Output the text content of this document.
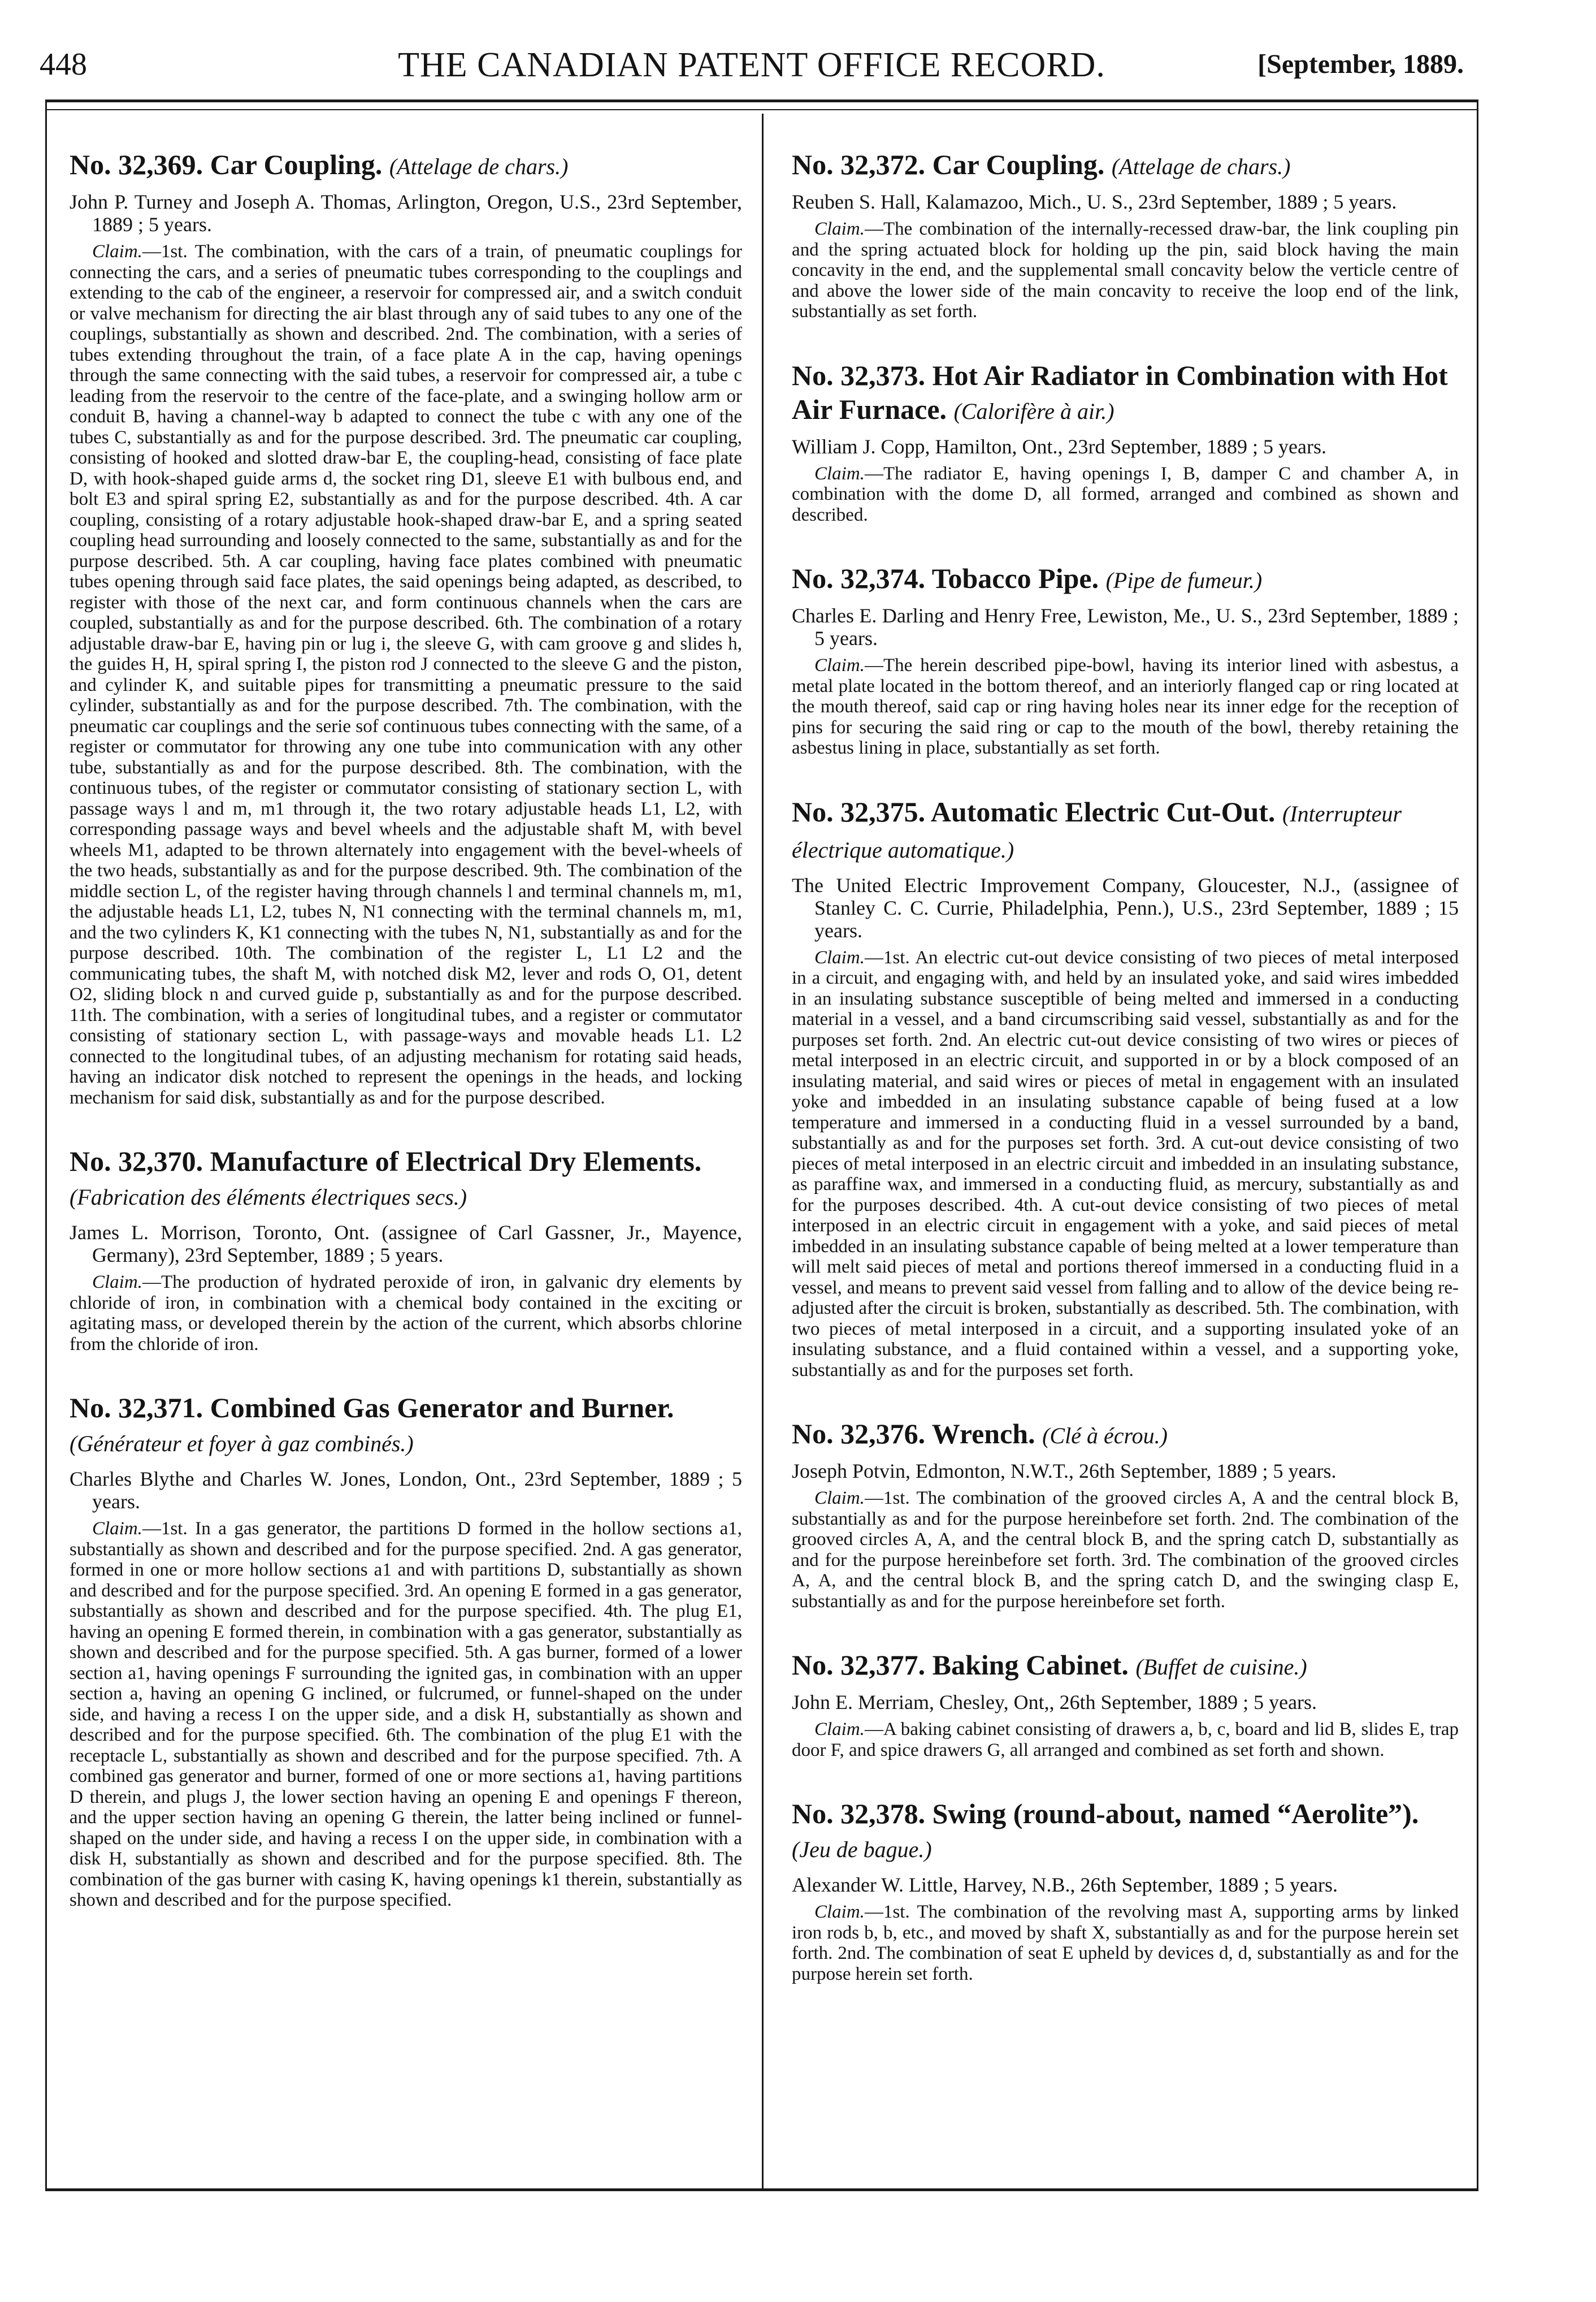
448	THE CANADIAN PATENT OFFICE RECORD.	[September, 1889.

No. 32,369. Car Coupling. (Attelage de chars.)

John P. Turney and Joseph A. Thomas, Arlington, Oregon, U.S., 23rd September, 1889 ; 5 years.

Claim.—1st. The combination, with the cars of a train, of pneumatic couplings for connecting the cars, and a series of pneumatic tubes corresponding to the couplings and extending to the cab of the engineer, a reservoir for compressed air, and a switch conduit or valve mechanism for directing the air blast through any of said tubes to any one of the couplings, substantially as shown and described. 2nd. The combination, with a series of tubes extending throughout the train, of a face plate A in the cap, having openings through the same connecting with the said tubes, a reservoir for compressed air, a tube c leading from the reservoir to the centre of the face-plate, and a swinging hollow arm or conduit B, having a channel-way b adapted to connect the tube c with any one of the tubes C, substantially as and for the purpose described. 3rd. The pneumatic car coupling, consisting of hooked and slotted draw-bar E, the coupling-head, consisting of face plate D, with hook-shaped guide arms d, the socket ring D1, sleeve E1 with bulbous end, and bolt E3 and spiral spring E2, substantially as and for the purpose described. 4th. A car coupling, consisting of a rotary adjustable hook-shaped draw-bar E, and a spring seated coupling head surrounding and loosely connected to the same, substantially as and for the purpose described. 5th. A car coupling, having face plates combined with pneumatic tubes opening through said face plates, the said openings being adapted, as described, to register with those of the next car, and form continuous channels when the cars are coupled, substantially as and for the purpose described. 6th. The combination of a rotary adjustable draw-bar E, having pin or lug i, the sleeve G, with cam groove g and slides h, the guides H, H, spiral spring I, the piston rod J connected to the sleeve G and the piston, and cylinder K, and suitable pipes for transmitting a pneumatic pressure to the said cylinder, substantially as and for the purpose described. 7th. The combination, with the pneumatic car couplings and the serie sof continuous tubes connecting with the same, of a register or commutator for throwing any one tube into communication with any other tube, substantially as and for the purpose described. 8th. The combination, with the continuous tubes, of the register or commutator consisting of stationary section L, with passage ways l and m, m1 through it, the two rotary adjustable heads L1, L2, with corresponding passage ways and bevel wheels and the adjustable shaft M, with bevel wheels M1, adapted to be thrown alternately into engagement with the bevel-wheels of the two heads, substantially as and for the purpose described. 9th. The combination of the middle section L, of the register having through channels l and terminal channels m, m1, the adjustable heads L1, L2, tubes N, N1 connecting with the terminal channels m, m1, and the two cylinders K, K1 connecting with the tubes N, N1, substantially as and for the purpose described. 10th. The combination of the register L, L1 L2 and the communicating tubes, the shaft M, with notched disk M2, lever and rods O, O1, detent O2, sliding block n and curved guide p, substantially as and for the purpose described. 11th. The combination, with a series of longitudinal tubes, and a register or commutator consisting of stationary section L, with passage-ways and movable heads L1. L2 connected to the longitudinal tubes, of an adjusting mechanism for rotating said heads, having an indicator disk notched to represent the openings in the heads, and locking mechanism for said disk, substantially as and for the purpose described.

No. 32,370. Manufacture of Electrical Dry Elements. (Fabrication des éléments électriques secs.)

James L. Morrison, Toronto, Ont. (assignee of Carl Gassner, Jr., Mayence, Germany), 23rd September, 1889 ; 5 years.

Claim.—The production of hydrated peroxide of iron, in galvanic dry elements by chloride of iron, in combination with a chemical body contained in the exciting or agitating mass, or developed therein by the action of the current, which absorbs chlorine from the chloride of iron.

No. 32,371. Combined Gas Generator and Burner. (Générateur et foyer à gaz combinés.)

Charles Blythe and Charles W. Jones, London, Ont., 23rd September, 1889 ; 5 years.

Claim.—1st. In a gas generator, the partitions D formed in the hollow sections a1, substantially as shown and described and for the purpose specified. 2nd. A gas generator, formed in one or more hollow sections a1 and with partitions D, substantially as shown and described and for the purpose specified. 3rd. An opening E formed in a gas generator, substantially as shown and described and for the purpose specified. 4th. The plug E1, having an opening E formed therein, in combination with a gas generator, substantially as shown and described and for the purpose specified. 5th. A gas burner, formed of a lower section a1, having openings F surrounding the ignited gas, in combination with an upper section a, having an opening G inclined, or fulcrumed, or funnel-shaped on the under side, and having a recess I on the upper side, and a disk H, substantially as shown and described and for the purpose specified. 6th. The combination of the plug E1 with the receptacle L, substantially as shown and described and for the purpose specified. 7th. A combined gas generator and burner, formed of one or more sections a1, having partitions D therein, and plugs J, the lower section having an opening E and openings F thereon, and the upper section having an opening G therein, the latter being inclined or funnel-shaped on the under side, and having a recess I on the upper side, in combination with a disk H, substantially as shown and described and for the purpose specified. 8th. The combination of the gas burner with casing K, having openings k1 therein, substantially as shown and described and for the purpose specified.

No. 32,372. Car Coupling. (Attelage de chars.)

Reuben S. Hall, Kalamazoo, Mich., U. S., 23rd September, 1889 ; 5 years.

Claim.—The combination of the internally-recessed draw-bar, the link coupling pin and the spring actuated block for holding up the pin, said block having the main concavity in the end, and the supplemental small concavity below the verticle centre of and above the lower side of the main concavity to receive the loop end of the link, substantially as set forth.

No. 32,373. Hot Air Radiator in Combination with Hot Air Furnace. (Calorifère à air.)

William J. Copp, Hamilton, Ont., 23rd September, 1889 ; 5 years.

Claim.—The radiator E, having openings I, B, damper C and chamber A, in combination with the dome D, all formed, arranged and combined as shown and described.

No. 32,374. Tobacco Pipe. (Pipe de fumeur.)

Charles E. Darling and Henry Free, Lewiston, Me., U. S., 23rd September, 1889 ; 5 years.

Claim.—The herein described pipe-bowl, having its interior lined with asbestus, a metal plate located in the bottom thereof, and an interiorly flanged cap or ring located at the mouth thereof, said cap or ring having holes near its inner edge for the reception of pins for securing the said ring or cap to the mouth of the bowl, thereby retaining the asbestus lining in place, substantially as set forth.

No. 32,375. Automatic Electric Cut-Out. (Interrupteur électrique automatique.)

The United Electric Improvement Company, Gloucester, N.J., (assignee of Stanley C. C. Currie, Philadelphia, Penn.), U.S., 23rd September, 1889 ; 15 years.

Claim.—1st. An electric cut-out device consisting of two pieces of metal interposed in a circuit, and engaging with, and held by an insulated yoke, and said wires imbedded in an insulating substance susceptible of being melted and immersed in a conducting material in a vessel, and a band circumscribing said vessel, substantially as and for the purposes set forth. 2nd. An electric cut-out device consisting of two wires or pieces of metal interposed in an electric circuit, and supported in or by a block composed of an insulating material, and said wires or pieces of metal in engagement with an insulated yoke and imbedded in an insulating substance capable of being fused at a low temperature and immersed in a conducting fluid in a vessel surrounded by a band, substantially as and for the purposes set forth. 3rd. A cut-out device consisting of two pieces of metal interposed in an electric circuit and imbedded in an insulating substance, as paraffine wax, and immersed in a conducting fluid, as mercury, substantially as and for the purposes described. 4th. A cut-out device consisting of two pieces of metal interposed in an electric circuit in engagement with a yoke, and said pieces of metal imbedded in an insulating substance capable of being melted at a lower temperature than will melt said pieces of metal and portions thereof immersed in a conducting fluid in a vessel, and means to prevent said vessel from falling and to allow of the device being re-adjusted after the circuit is broken, substantially as described. 5th. The combination, with two pieces of metal interposed in a circuit, and a supporting insulated yoke of an insulating substance, and a fluid contained within a vessel, and a supporting yoke, substantially as and for the purposes set forth.

No. 32,376. Wrench. (Clé à écrou.)

Joseph Potvin, Edmonton, N.W.T., 26th September, 1889 ; 5 years.

Claim.—1st. The combination of the grooved circles A, A and the central block B, substantially as and for the purpose hereinbefore set forth. 2nd. The combination of the grooved circles A, A, and the central block B, and the spring catch D, substantially as and for the purpose hereinbefore set forth. 3rd. The combination of the grooved circles A, A, and the central block B, and the spring catch D, and the swinging clasp E, substantially as and for the purpose hereinbefore set forth.

No. 32,377. Baking Cabinet. (Buffet de cuisine.)

John E. Merriam, Chesley, Ont,, 26th September, 1889 ; 5 years.

Claim.—A baking cabinet consisting of drawers a, b, c, board and lid B, slides E, trap door F, and spice drawers G, all arranged and combined as set forth and shown.

No. 32,378. Swing (round-about, named “Aerolite”). (Jeu de bague.)

Alexander W. Little, Harvey, N.B., 26th September, 1889 ; 5 years.

Claim.—1st. The combination of the revolving mast A, supporting arms by linked iron rods b, b, etc., and moved by shaft X, substantially as and for the purpose herein set forth. 2nd. The combination of seat E upheld by devices d, d, substantially as and for the purpose herein set forth.
